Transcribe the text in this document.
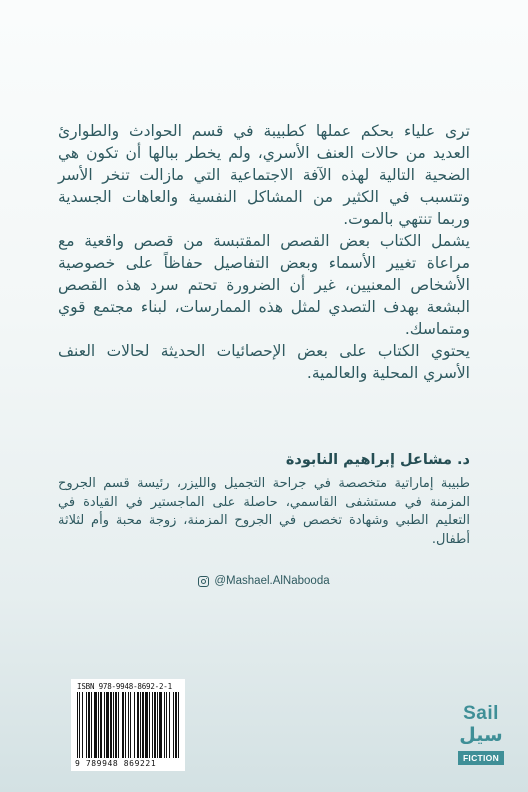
ترى علياء بحكم عملها كطبيبة في قسم الحوادث والطوارئ العديد من حالات العنف الأسري، ولم يخطر ببالها أن تكون هي الضحية التالية لهذه الآفة الاجتماعية التي مازالت تنخر الأسر وتتسبب في الكثير من المشاكل النفسية والعاهات الجسدية وربما تنتهي بالموت.

يشمل الكتاب بعض القصص المقتبسة من قصص واقعية مع مراعاة تغيير الأسماء وبعض التفاصيل حفاظاً على خصوصية الأشخاص المعنيين، غير أن الضرورة تحتم سرد هذه القصص البشعة بهدف التصدي لمثل هذه الممارسات، لبناء مجتمع قوي ومتماسك.

يحتوي الكتاب على بعض الإحصائيات الحديثة لحالات العنف الأسري المحلية والعالمية.

د. مشاعل إبراهيم النابودة

طبيبة إماراتية متخصصة في جراحة التجميل والليزر، رئيسة قسم الجروح المزمنة في مستشفى القاسمي، حاصلة على الماجستير في القيادة في التعليم الطبي وشهادة تخصص في الجروح المزمنة، زوجة محبة وأم لثلاثة أطفال.

@Mashael.AlNabooda
ISBN 978-9948-8692-2-1
9 789948 869221
Sail
سيل
FICTION
